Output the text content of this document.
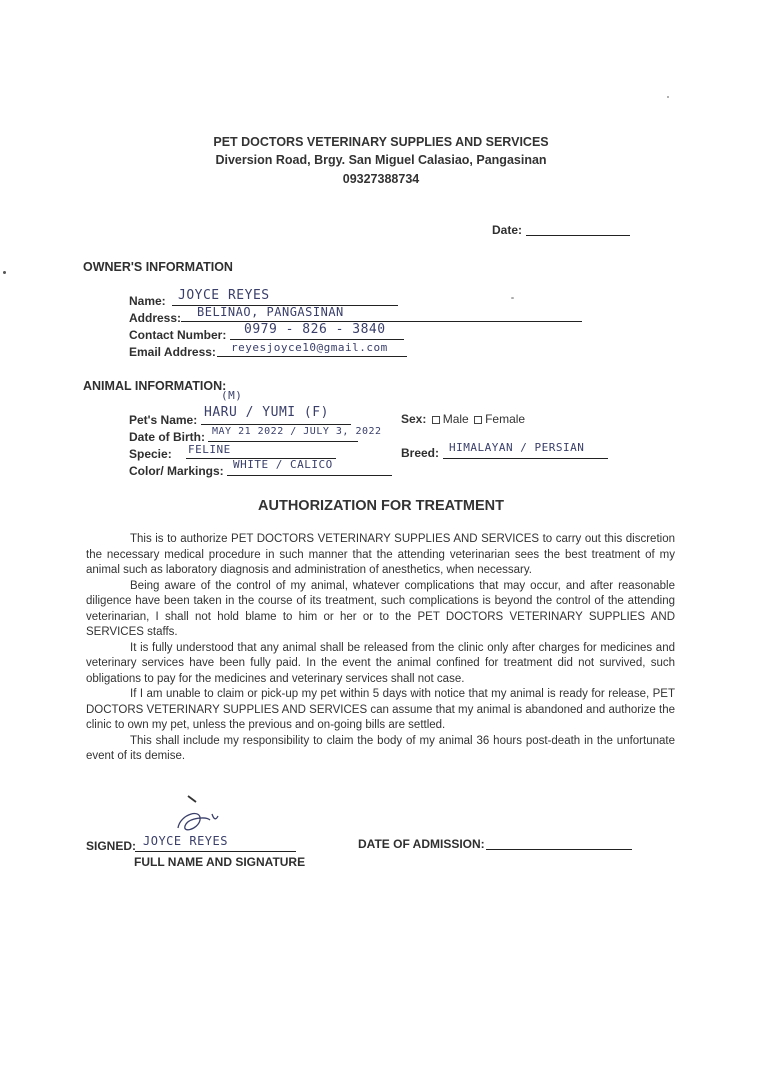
PET DOCTORS VETERINARY SUPPLIES AND SERVICES
Diversion Road, Brgy. San Miguel Calasiao, Pangasinan
09327388734
Date:
OWNER'S INFORMATION
Name: JOYCE REYES
Address: BELINAO, PANGASINAN
Contact Number: 0979 - 826 - 3840
Email Address: reyesjoyce10@gmail.com
ANIMAL INFORMATION:
(M)
Pet's Name: HARU / YUMI (F)
Date of Birth: MAY 21 2022 / JULY 3, 2022
Specie: FELINE
Color/ Markings: WHITE / CALICO
Sex: Male Female
Breed: HIMALAYAN / PERSIAN
AUTHORIZATION FOR TREATMENT

This is to authorize PET DOCTORS VETERINARY SUPPLIES AND SERVICES to carry out this discretion the necessary medical procedure in such manner that the attending veterinarian sees the best treatment of my animal such as laboratory diagnosis and administration of anesthetics, when necessary.

Being aware of the control of my animal, whatever complications that may occur, and after reasonable diligence have been taken in the course of its treatment, such complications is beyond the control of the attending veterinarian, I shall not hold blame to him or her or to the PET DOCTORS VETERINARY SUPPLIES AND SERVICES staffs.

It is fully understood that any animal shall be released from the clinic only after charges for medicines and veterinary services have been fully paid. In the event the animal confined for treatment did not survived, such obligations to pay for the medicines and veterinary services shall not case.

If I am unable to claim or pick-up my pet within 5 days with notice that my animal is ready for release, PET DOCTORS VETERINARY SUPPLIES AND SERVICES can assume that my animal is abandoned and authorize the clinic to own my pet, unless the previous and on-going bills are settled.

This shall include my responsibility to claim the body of my animal 36 hours post-death in the unfortunate event of its demise.

SIGNED: JOYCE REYES
FULL NAME AND SIGNATURE
DATE OF ADMISSION:
